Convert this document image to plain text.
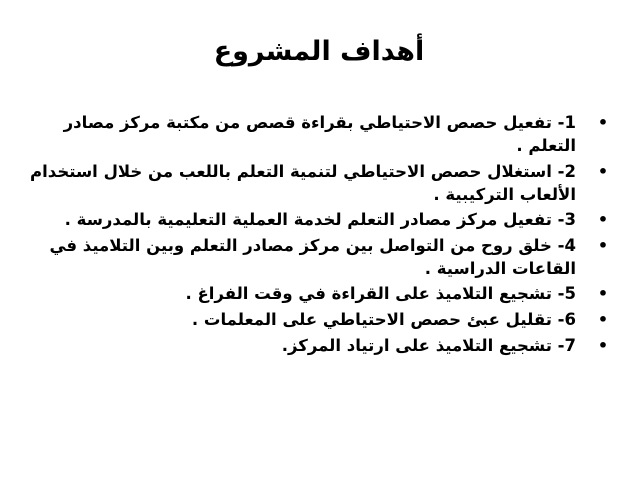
أهداف المشروع
•
1- تفعيل حصص الاحتياطي بقراءة قصص من مكتبة مركز مصادر التعلم .
•
2- استغلال حصص الاحتياطي لتنمية التعلم باللعب من خلال استخدام الألعاب التركيبية .
•
3- تفعيل مركز مصادر التعلم لخدمة العملية التعليمية بالمدرسة .
•
4- خلق روح من التواصل بين مركز مصادر التعلم وبين التلاميذ في القاعات الدراسية .
•
5- تشجيع التلاميذ على القراءة في وقت الفراغ .
•
6- تقليل عبئ حصص الاحتياطي على المعلمات .
•
7- تشجيع التلاميذ على ارتياد المركز.
